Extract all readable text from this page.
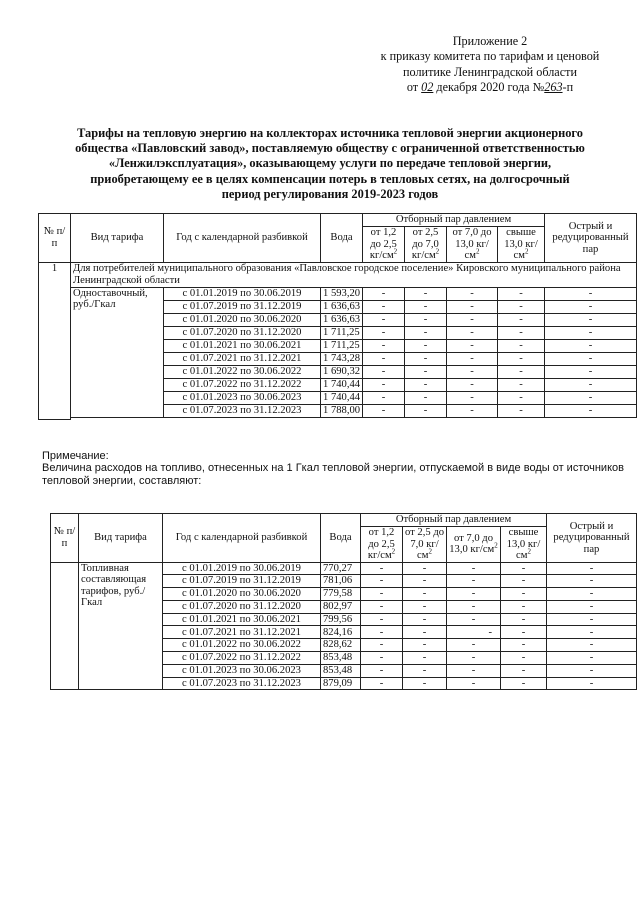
Приложение 2
к приказу комитета по тарифам и ценовой
политике Ленинградской области
от 02 декабря 2020 года №263-п
Тарифы на тепловую энергию на коллекторах источника тепловой энергии акционерного
общества «Павловский завод», поставляемую обществу с ограниченной ответственностью
«Ленжилэксплуатация», оказывающему услуги по передаче тепловой энергии,
приобретающему ее в целях компенсации потерь в тепловых сетях, на долгосрочный
период регулирования 2019-2023 годов
№ п/п	Вид тарифа	Год с календарной разбивкой	Вода	Отборный пар давлением				Острый и редуцированный пар
				от 1,2 до 2,5 $кг/см^2$	от 2,5 до 7,0 $кг/см^2$	от 7,0 до 13,0 $кг/см^2$	свыше 13,0 $кг/см^2$
1	Для потребителей муниципального образования «Павловское городское поселение» Кировского муниципального района Ленинградской области							
	Одноставочный, руб./Гкал	с 01.01.2019 по 30.06.2019	1 593,20	-	-	-	-	-
		с 01.07.2019 по 31.12.2019	1 636,63	-	-	-	-	-
		с 01.01.2020 по 30.06.2020	1 636,63	-	-	-	-	-
		с 01.07.2020 по 31.12.2020	1 711,25	-	-	-	-	-
		с 01.01.2021 по 30.06.2021	1 711,25	-	-	-	-	-
		с 01.07.2021 по 31.12.2021	1 743,28	-	-	-	-	-
		с 01.01.2022 по 30.06.2022	1 690,32	-	-	-	-	-
		с 01.07.2022 по 31.12.2022	1 740,44	-	-	-	-	-
		с 01.01.2023 по 30.06.2023	1 740,44	-	-	-	-	-
		с 01.07.2023 по 31.12.2023	1 788,00	-	-	-	-	-

Примечание:
Величина расходов на топливо, отнесенных на 1 Гкал тепловой энергии, отпускаемой в виде воды от источников тепловой энергии, составляют:
№ п/п	Вид тарифа	Год с календарной разбивкой	Вода	Отборный пар давлением				Острый и редуцированный пар
				от 1,2 до 2,5 $кг/см^2$	от 2,5 до 7,0 $кг/см^2$	от 7,0 до 13,0 $кг/см^2$	свыше 13,0 $кг/см^2$
	Топливная составляющая тарифов, руб./Гкал	с 01.01.2019 по 30.06.2019	770,27	-	-	-	-	-
		с 01.07.2019 по 31.12.2019	781,06	-	-	-	-	-
		с 01.01.2020 по 30.06.2020	779,58	-	-	-	-	-
		с 01.07.2020 по 31.12.2020	802,97	-	-	-	-	-
		с 01.01.2021 по 30.06.2021	799,56	-	-	-	-	-
		с 01.07.2021 по 31.12.2021	824,16	-	-	-	-	-
		с 01.01.2022 по 30.06.2022	828,62	-	-	-	-	-
		с 01.07.2022 по 31.12.2022	853,48	-	-	-	-	-
		с 01.01.2023 по 30.06.2023	853,48	-	-	-	-	-
		с 01.07.2023 по 31.12.2023	879,09	-	-	-	-	-
